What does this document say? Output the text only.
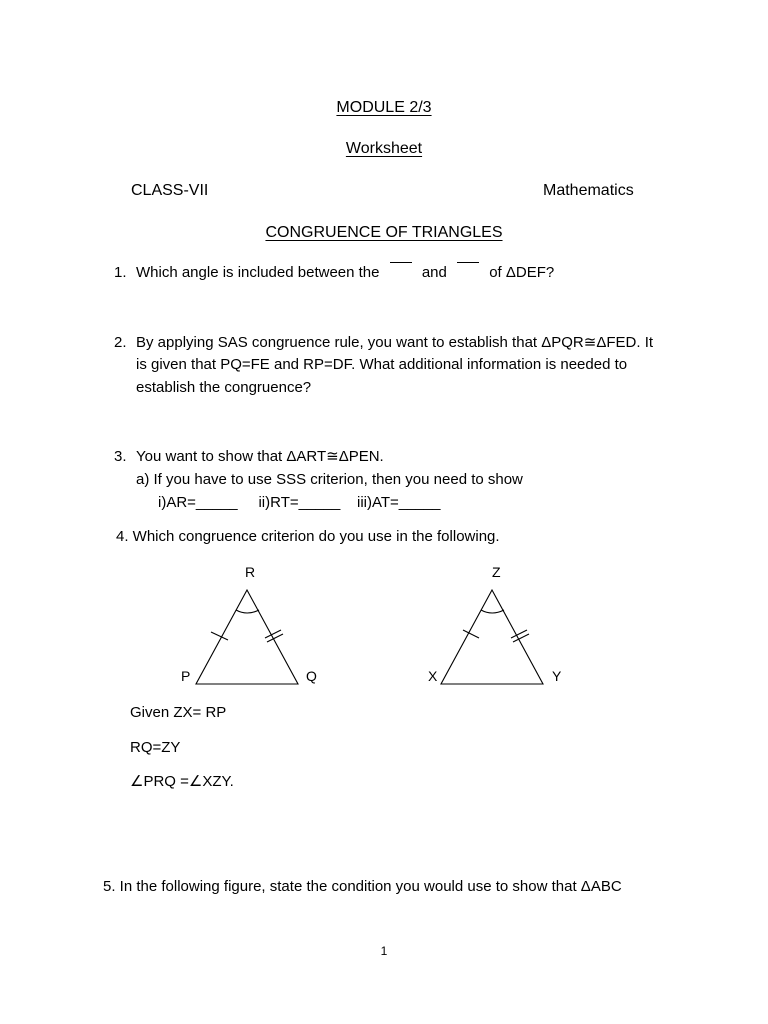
MODULE 2/3
Worksheet
CLASS-VII	Mathematics
CONGRUENCE OF TRIANGLES
1. Which angle is included between the	and	of ΔDEF?
2. By applying SAS congruence rule, you want to establish that ΔPQR≅ΔFED. It
is given that PQ=FE and RP=DF. What additional information is needed to
establish the congruence?
3. You want to show that ΔART≅ΔPEN.
a) If you have to use SSS criterion, then you need to show
i)AR=_____     ii)RT=_____    iii)AT=_____
4. Which congruence criterion do you use in the following.
R
P	Q
Z
X	Y
Given ZX= RP
RQ=ZY
∠PRQ =∠XZY.
5. In the following figure, state the condition you would use to show that ΔABC
1
